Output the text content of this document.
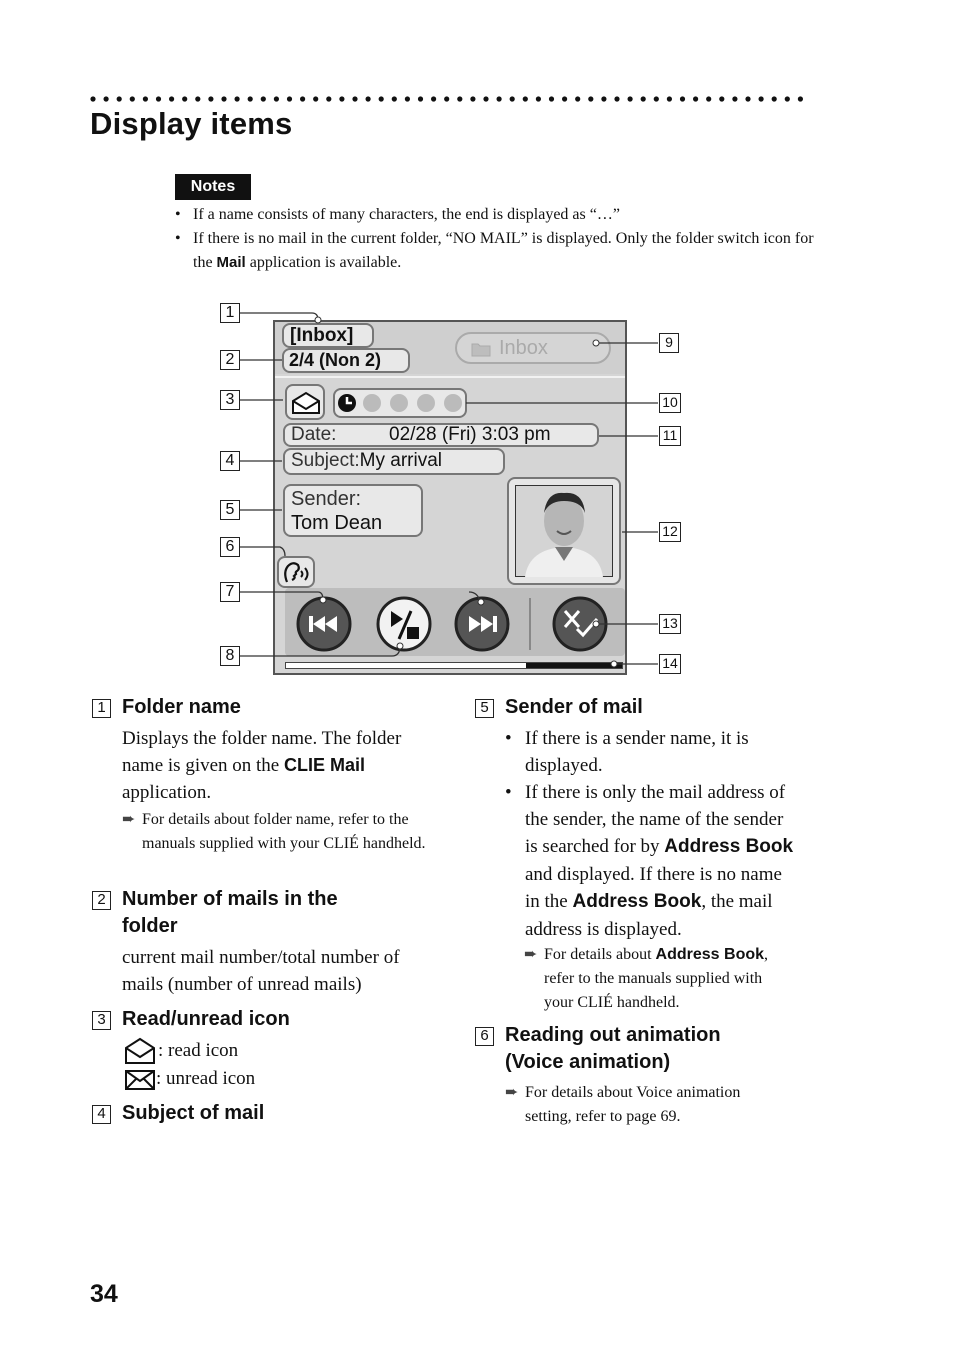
Display items
Notes
• If a name consists of many characters, the end is displayed as “…”
• If there is no mail in the current folder, “NO MAIL” is displayed. Only the folder switch icon for the Mail application is available.
[Inbox]
2/4 (Non 2)
Inbox
Date:	02/28 (Fri) 3:03 pm
Subject:My arrival
Sender:
Tom Dean
1
2
3
4
5
6
7
8
9
10
11
12
13
14
1 Folder name
Displays the folder name. The folder name is given on the CLIE Mail application.
➨ For details about folder name, refer to the manuals supplied with your CLIÉ handheld.
2 Number of mails in the
folder
current mail number/total number of
mails (number of unread mails)
3 Read/unread icon
: read icon
: unread icon
4 Subject of mail
5 Sender of mail
• If there is a sender name, it is
displayed.
• If there is only the mail address of
the sender, the name of the sender
is searched for by Address Book
and displayed. If there is no name
in the Address Book, the mail
address is displayed.
➨ For details about Address Book,
refer to the manuals supplied with
your CLIÉ handheld.
6 Reading out animation
(Voice animation)
➨ For details about Voice animation
setting, refer to page 69.
34
